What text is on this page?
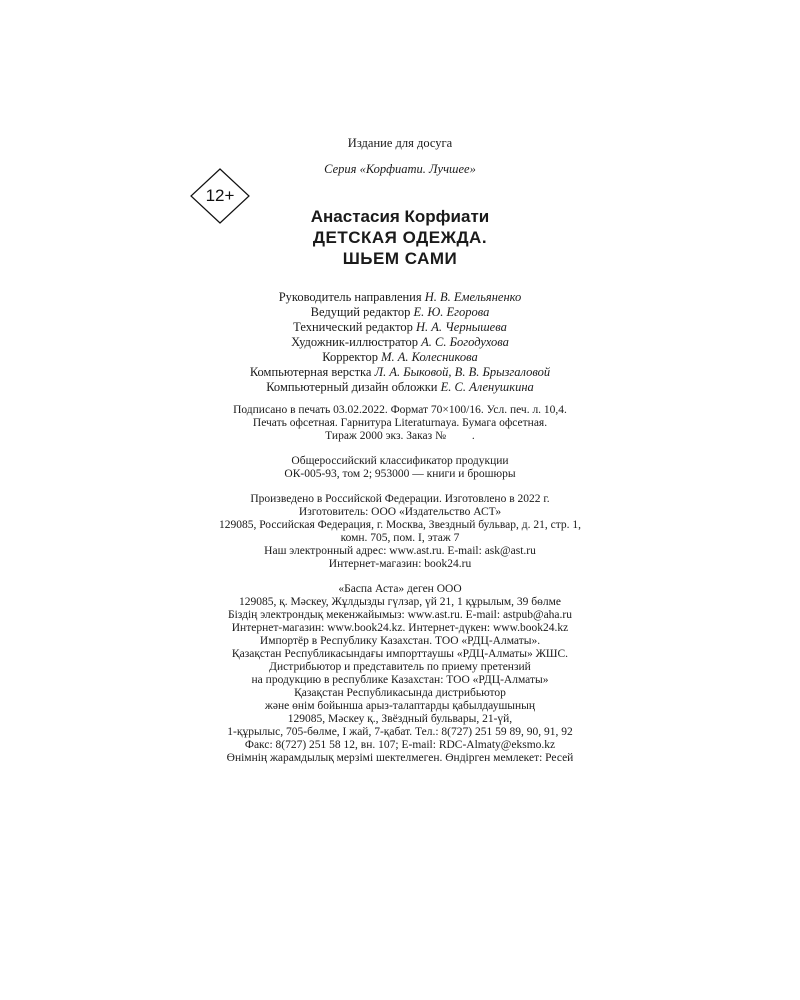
Издание для досуга
Серия «Корфиати. Лучшее»
12+
Анастасия Корфиати
ДЕТСКАЯ ОДЕЖДА.
ШЬЕМ САМИ
Руководитель направления Н. В. Емельяненко
Ведущий редактор Е. Ю. Егорова
Технический редактор Н. А. Чернышева
Художник-иллюстратор А. С. Богодухова
Корректор М. А. Колесникова
Компьютерная верстка Л. А. Быковой, В. В. Брызгаловой
Компьютерный дизайн обложки Е. С. Аленушкина
Подписано в печать 03.02.2022. Формат 70×100/16. Усл. печ. л. 10,4.
Печать офсетная. Гарнитура Literaturnaya. Бумага офсетная.
Тираж 2000 экз. Заказ №         .
Общероссийский классификатор продукции
ОК-005-93, том 2; 953000 — книги и брошюры
Произведено в Российской Федерации. Изготовлено в 2022 г.
Изготовитель: ООО «Издательство АСТ»
129085, Российская Федерация, г. Москва, Звездный бульвар, д. 21, стр. 1,
комн. 705, пом. I, этаж 7
Наш электронный адрес: www.ast.ru. E-mail: ask@ast.ru
Интернет-магазин: book24.ru
«Баспа Аста» деген ООО
129085, қ. Мәскеу, Жұлдызды гүлзар, үй 21, 1 құрылым, 39 бөлме
Біздің электрондық мекенжайымыз: www.ast.ru. E-mail: astpub@aha.ru
Интернет-магазин: www.book24.kz. Интернет-дүкен: www.book24.kz
Импортёр в Республику Казахстан. ТОО «РДЦ-Алматы».
Қазақстан Республикасындағы импорттаушы «РДЦ-Алматы» ЖШС.
Дистрибьютор и представитель по приему претензий
на продукцию в республике Казахстан: ТОО «РДЦ-Алматы»
Қазақстан Республикасында дистрибьютор
және өнім бойынша арыз-талаптарды қабылдаушының
129085, Мәскеу қ., Звёздный бульвары, 21-үй,
1-құрылыс, 705-бөлме, I жай, 7-қабат. Тел.: 8(727) 251 59 89, 90, 91, 92
Факс: 8(727) 251 58 12, вн. 107; E-mail: RDC-Almaty@eksmo.kz
Өнімнің жарамдылық мерзімі шектелмеген. Өндірген мемлекет: Ресей
